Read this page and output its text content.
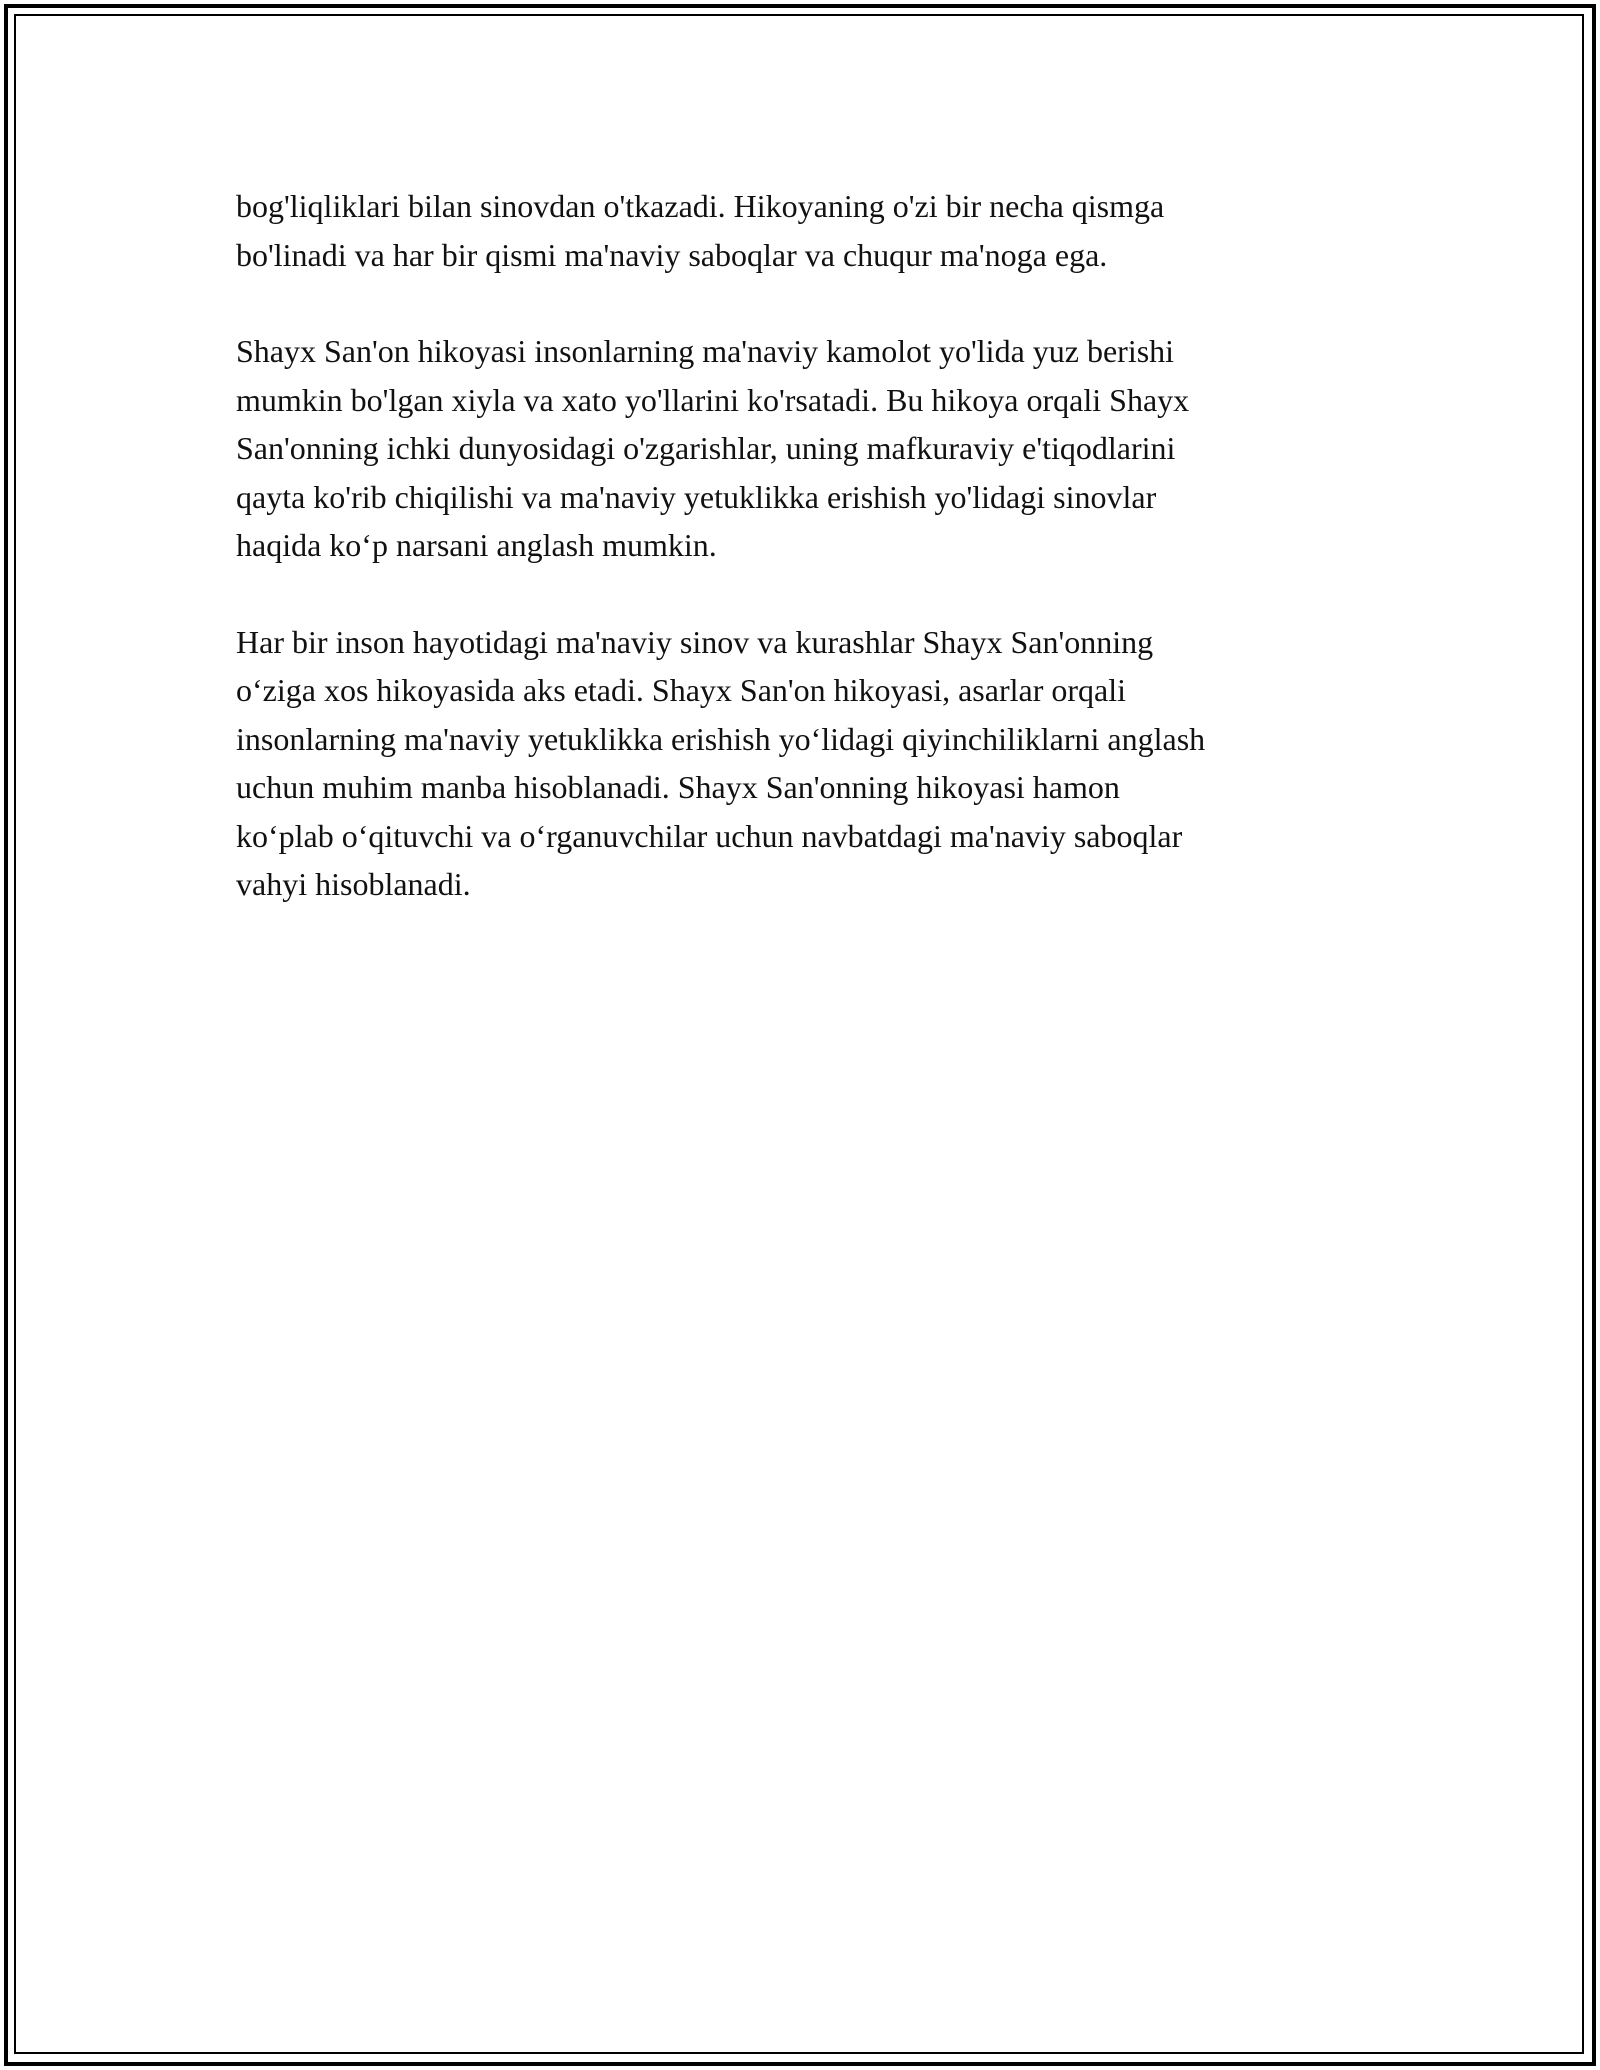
bog'liqliklari bilan sinovdan o'tkazadi. Hikoyaning o'zi bir necha qismga
bo'linadi va har bir qismi ma'naviy saboqlar va chuqur ma'noga ega.

Shayx San'on hikoyasi insonlarning ma'naviy kamolot yo'lida yuz berishi
mumkin bo'lgan xiyla va xato yo'llarini ko'rsatadi. Bu hikoya orqali Shayx
San'onning ichki dunyosidagi o'zgarishlar, uning mafkuraviy e'tiqodlarini
qayta ko'rib chiqilishi va ma'naviy yetuklikka erishish yo'lidagi sinovlar
haqida ko‘p narsani anglash mumkin.

Har bir inson hayotidagi ma'naviy sinov va kurashlar Shayx San'onning
o‘ziga xos hikoyasida aks etadi. Shayx San'on hikoyasi, asarlar orqali
insonlarning ma'naviy yetuklikka erishish yo‘lidagi qiyinchiliklarni anglash
uchun muhim manba hisoblanadi. Shayx San'onning hikoyasi hamon
ko‘plab o‘qituvchi va o‘rganuvchilar uchun navbatdagi ma'naviy saboqlar
vahyi hisoblanadi.
